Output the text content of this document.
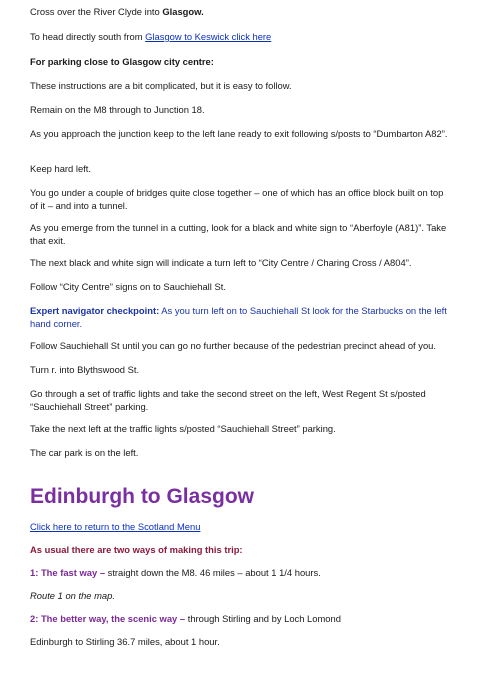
Cross over the River Clyde into Glasgow.

To head directly south from Glasgow to Keswick click here

For parking close to Glasgow city centre:

These instructions are a bit complicated, but it is easy to follow.

Remain on the M8 through to Junction 18.

As you approach the junction keep to the left lane ready to exit following s/posts to “Dumbarton A82”.

Keep hard left.

You go under a couple of bridges quite close together – one of which has an office block built on top of it – and into a tunnel.

As you emerge from the tunnel in a cutting, look for a black and white sign to “Aberfoyle (A81)”. Take that exit.

The next black and white sign will indicate a turn left to “City Centre / Charing Cross / A804”.

Follow “City Centre” signs on to Sauchiehall St.

Expert navigator checkpoint: As you turn left on to Sauchiehall St look for the Starbucks on the left hand corner.

Follow Sauchiehall St until you can go no further because of the pedestrian precinct ahead of you.

Turn r. into Blythswood St.

Go through a set of traffic lights and take the second street on the left, West Regent St s/posted “Sauchiehall Street” parking.

Take the next left at the traffic lights s/posted “Sauchiehall Street” parking.

The car park is on the left.

Edinburgh to Glasgow

Click here to return to the Scotland Menu

As usual there are two ways of making this trip:

1: The fast way – straight down the M8. 46 miles – about 1 1/4 hours.

Route 1 on the map.

2: The better way, the scenic way – through Stirling and by Loch Lomond

Edinburgh to Stirling 36.7 miles, about 1 hour.
